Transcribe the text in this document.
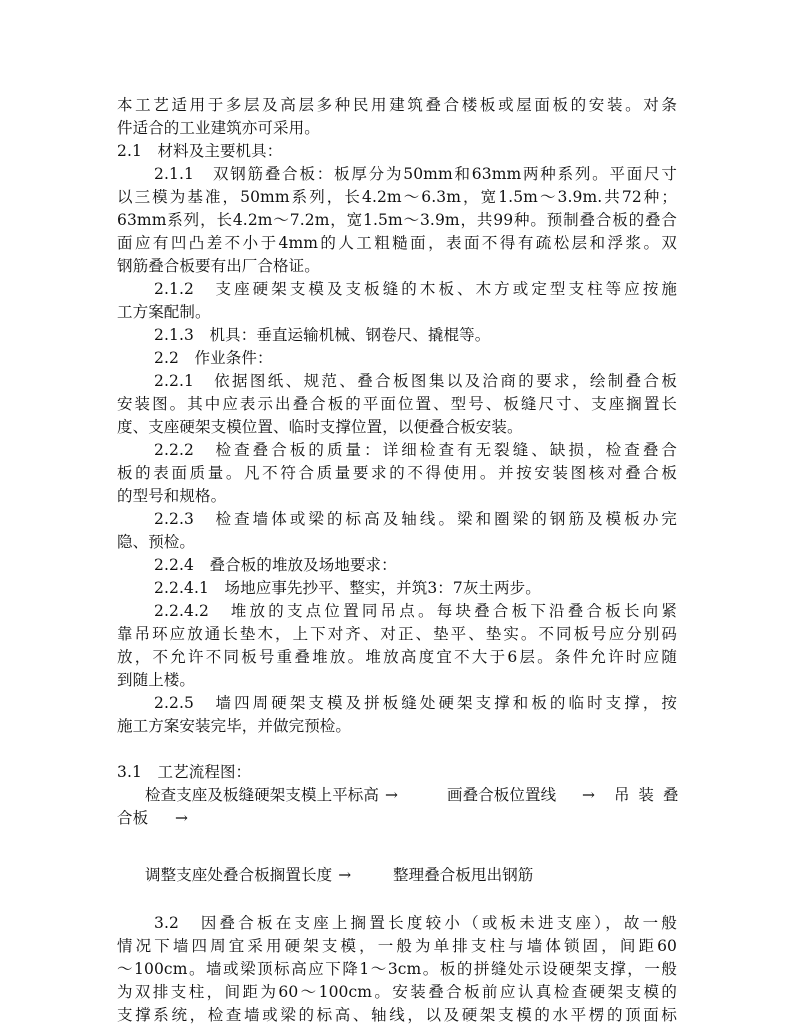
本工艺适用于多层及高层多种民用建筑叠合楼板或屋面板的安装。对条
件适合的工业建筑亦可采用。
2.1　材料及主要机具：
2.1.1　双钢筋叠合板：板厚分为50mm和63mm两种系列。平面尺寸
以三模为基准，50mm系列，长4.2m～6.3m，宽1.5m～3.9m.共72种；
63mm系列，长4.2m～7.2m，宽1.5m～3.9m，共99种。预制叠合板的叠合
面应有凹凸差不小于4mm的人工粗糙面，表面不得有疏松层和浮浆。双
钢筋叠合板要有出厂合格证。
2.1.2　支座硬架支模及支板缝的木板、木方或定型支柱等应按施
工方案配制。
2.1.3　机具：垂直运输机械、钢卷尺、撬棍等。
2.2　作业条件：
2.2.1　依据图纸、规范、叠合板图集以及洽商的要求，绘制叠合板
安装图。其中应表示出叠合板的平面位置、型号、板缝尺寸、支座搁置长
度、支座硬架支模位置、临时支撑位置，以便叠合板安装。
2.2.2　检查叠合板的质量：详细检查有无裂缝、缺损，检查叠合
板的表面质量。凡不符合质量要求的不得使用。并按安装图核对叠合板
的型号和规格。
2.2.3　检查墙体或梁的标高及轴线。梁和圈梁的钢筋及模板办完
隐、预检。
2.2.4　叠合板的堆放及场地要求：
2.2.4.1　场地应事先抄平、整实，并筑3：7灰土两步。
2.2.4.2　堆放的支点位置同吊点。每块叠合板下沿叠合板长向紧
靠吊环应放通长垫木，上下对齐、对正、垫平、垫实。不同板号应分别码
放，不允许不同板号重叠堆放。堆放高度宜不大于6层。条件允许时应随
到随上楼。
2.2.5　墙四周硬架支模及拼板缝处硬架支撑和板的临时支撑，按
施工方案安装完毕，并做完预检。
3.1　工艺流程图：
检查支座及板缝硬架支模上平标高 →	画叠合板位置线 → 吊 装 叠
合板 →
调整支座处叠合板搁置长度 →	整理叠合板甩出钢筋
3.2　因叠合板在支座上搁置长度较小（或板未进支座），故一般
情况下墙四周宜采用硬架支模，一般为单排支柱与墙体锁固，间距60
～100cm。墙或梁顶标高应下降1～3cm。板的拼缝处示设硬架支撑，一般
为双排支柱，间距为60～100cm。安装叠合板前应认真检查硬架支模的
支撑系统，检查墙或梁的标高、轴线，以及硬架支模的水平楞的顶面标
